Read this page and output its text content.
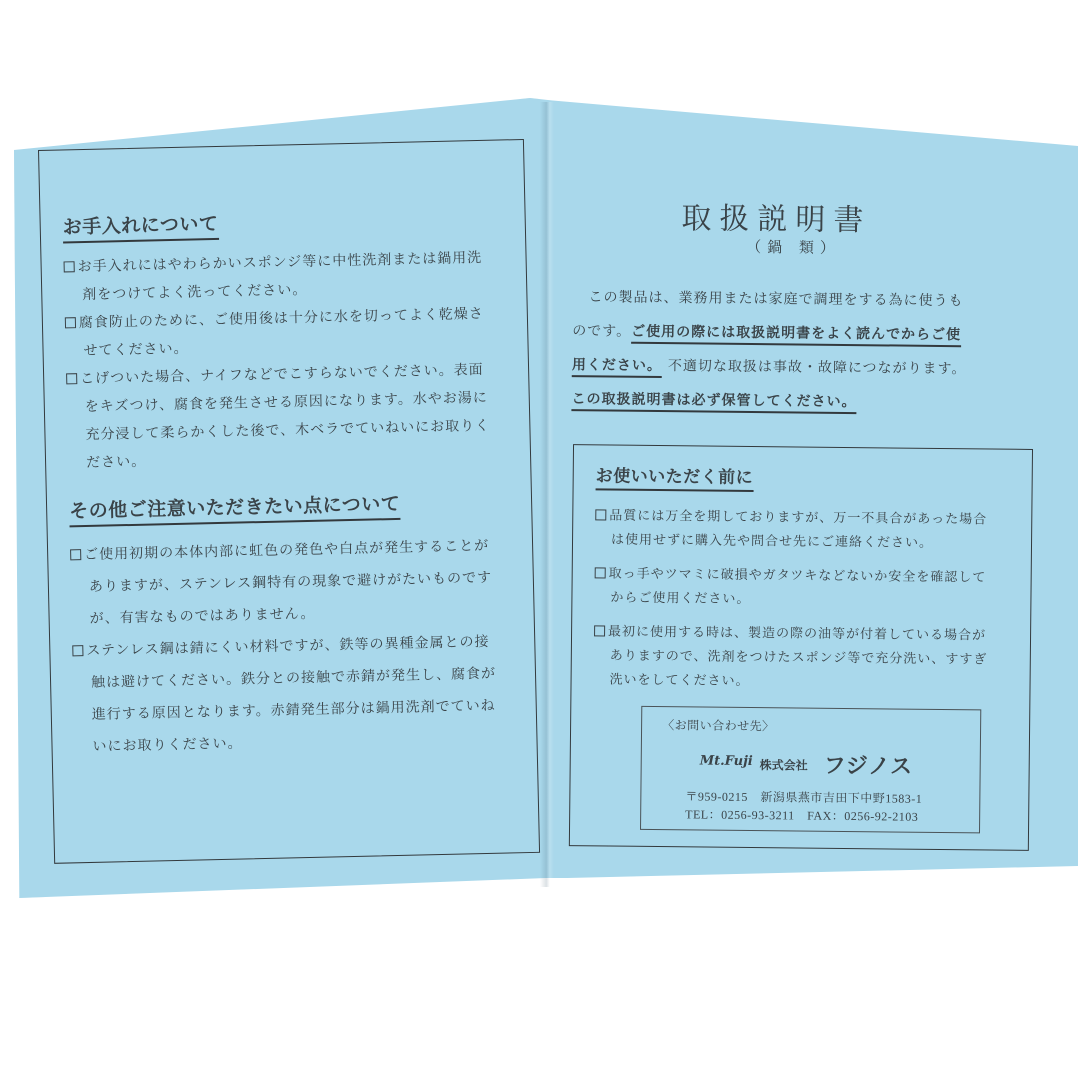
お手入れについて
お手入れにはやわらかいスポンジ等に中性洗剤または鍋用洗
剤をつけてよく洗ってください。
腐食防止のために、ご使用後は十分に水を切ってよく乾燥さ
せてください。
こげついた場合、ナイフなどでこすらないでください。表面
をキズつけ、腐食を発生させる原因になります。水やお湯に
充分浸して柔らかくした後で、木ベラでていねいにお取りく
ださい。
その他ご注意いただきたい点について
ご使用初期の本体内部に虹色の発色や白点が発生することが
ありますが、ステンレス鋼特有の現象で避けがたいものです
が、有害なものではありません。
ステンレス鋼は錆にくい材料ですが、鉄等の異種金属との接
触は避けてください。鉄分との接触で赤錆が発生し、腐食が
進行する原因となります。赤錆発生部分は鍋用洗剤でていね
いにお取りください。
取扱説明書
（鍋 類）
この製品は、業務用または家庭で調理をする為に使うも
のです。ご使用の際には取扱説明書をよく読んでからご使
用ください。 不適切な取扱は事故・故障につながります。
この取扱説明書は必ず保管してください。
お使いいただく前に
品質には万全を期しておりますが、万一不具合があった場合
は使用せずに購入先や問合せ先にご連絡ください。
取っ手やツマミに破損やガタツキなどないか安全を確認して
からご使用ください。
最初に使用する時は、製造の際の油等が付着している場合が
ありますので、洗剤をつけたスポンジ等で充分洗い、すすぎ
洗いをしてください。
〈お問い合わせ先〉
Mt.Fuji 株式会社 フジノス
〒959-0215　新潟県燕市吉田下中野1583-1
TEL：0256-93-3211　FAX：0256-92-2103
